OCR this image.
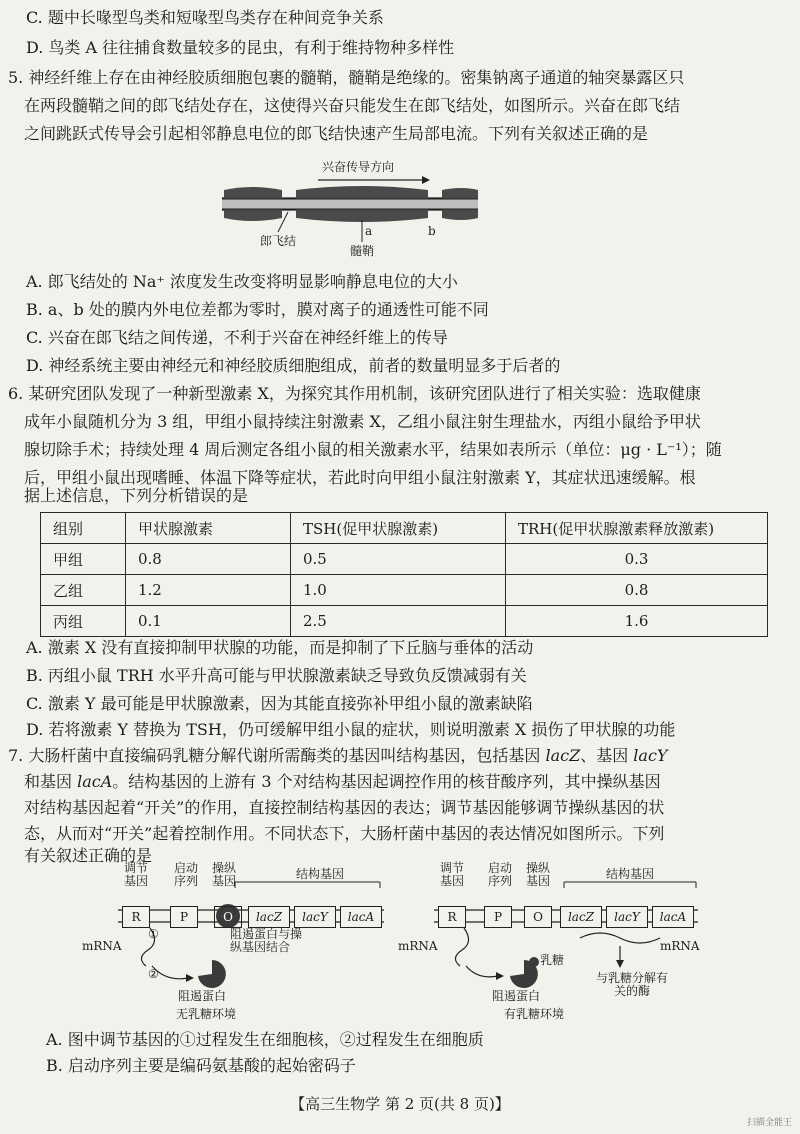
C. 题中长喙型鸟类和短喙型鸟类存在种间竞争关系
D. 鸟类 A 往往捕食数量较多的昆虫，有利于维持物种多样性
5. 神经纤维上存在由神经胶质细胞包裹的髓鞘，髓鞘是绝缘的。密集钠离子通道的轴突暴露区只
在两段髓鞘之间的郎飞结处存在，这使得兴奋只能发生在郎飞结处，如图所示。兴奋在郎飞结
之间跳跃式传导会引起相邻静息电位的郎飞结快速产生局部电流。下列有关叙述正确的是
兴奋传导方向
a	b
郎飞结
髓鞘
A. 郎飞结处的 Na⁺ 浓度发生改变将明显影响静息电位的大小
B. a、b 处的膜内外电位差都为零时，膜对离子的通透性可能不同
C. 兴奋在郎飞结之间传递，不利于兴奋在神经纤维上的传导
D. 神经系统主要由神经元和神经胶质细胞组成，前者的数量明显多于后者的
6. 某研究团队发现了一种新型激素 X，为探究其作用机制，该研究团队进行了相关实验：选取健康
成年小鼠随机分为 3 组，甲组小鼠持续注射激素 X，乙组小鼠注射生理盐水，丙组小鼠给予甲状
腺切除手术；持续处理 4 周后测定各组小鼠的相关激素水平，结果如表所示（单位：μg · L⁻¹）；随
后，甲组小鼠出现嗜睡、体温下降等症状，若此时向甲组小鼠注射激素 Y，其症状迅速缓解。根
组别	甲状腺激素	TSH(促甲状腺激素)	TRH(促甲状腺激素释放激素)
甲组	0.8	0.5	0.3
乙组	1.2	1.0	0.8
丙组	0.1	2.5	1.6
A. 激素 X 没有直接抑制甲状腺的功能，而是抑制了下丘脑与垂体的活动
B. 丙组小鼠 TRH 水平升高可能与甲状腺激素缺乏导致负反馈减弱有关
C. 激素 Y 最可能是甲状腺激素，因为其能直接弥补甲组小鼠的激素缺陷
D. 若将激素 Y 替换为 TSH，仍可缓解甲组小鼠的症状，则说明激素 X 损伤了甲状腺的功能
7. 大肠杆菌中直接编码乳糖分解代谢所需酶类的基因叫结构基因，包括基因 lacZ、基因 lacY
和基因 lacA。结构基因的上游有 3 个对结构基因起调控作用的核苷酸序列，其中操纵基因
对结构基因起着“开关”的作用，直接控制结构基因的表达；调节基因能够调节操纵基因的状
态，从而对“开关”起着控制作用。不同状态下，大肠杆菌中基因的表达情况如图所示。下列
有关叙述正确的是
调节
基因
启动
序列
操纵
基因	结构基因
R	P	O	lacZ	lacY	lacA
①
mRNA
②
阻遏蛋白与操
纵基因结合
阻遏蛋白
无乳糖环境
调节
基因
启动
序列
操纵
基因	结构基因
R	P	O	lacZ	lacY	lacA
mRNA	mRNA
乳糖
阻遏蛋白
与乳糖分解有
关的酶
有乳糖环境
A. 图中调节基因的①过程发生在细胞核，②过程发生在细胞质
B. 启动序列主要是编码氨基酸的起始密码子
【高三生物学 第 2 页(共 8 页)】
扫描全能王
据上述信息，下列分析错误的是
